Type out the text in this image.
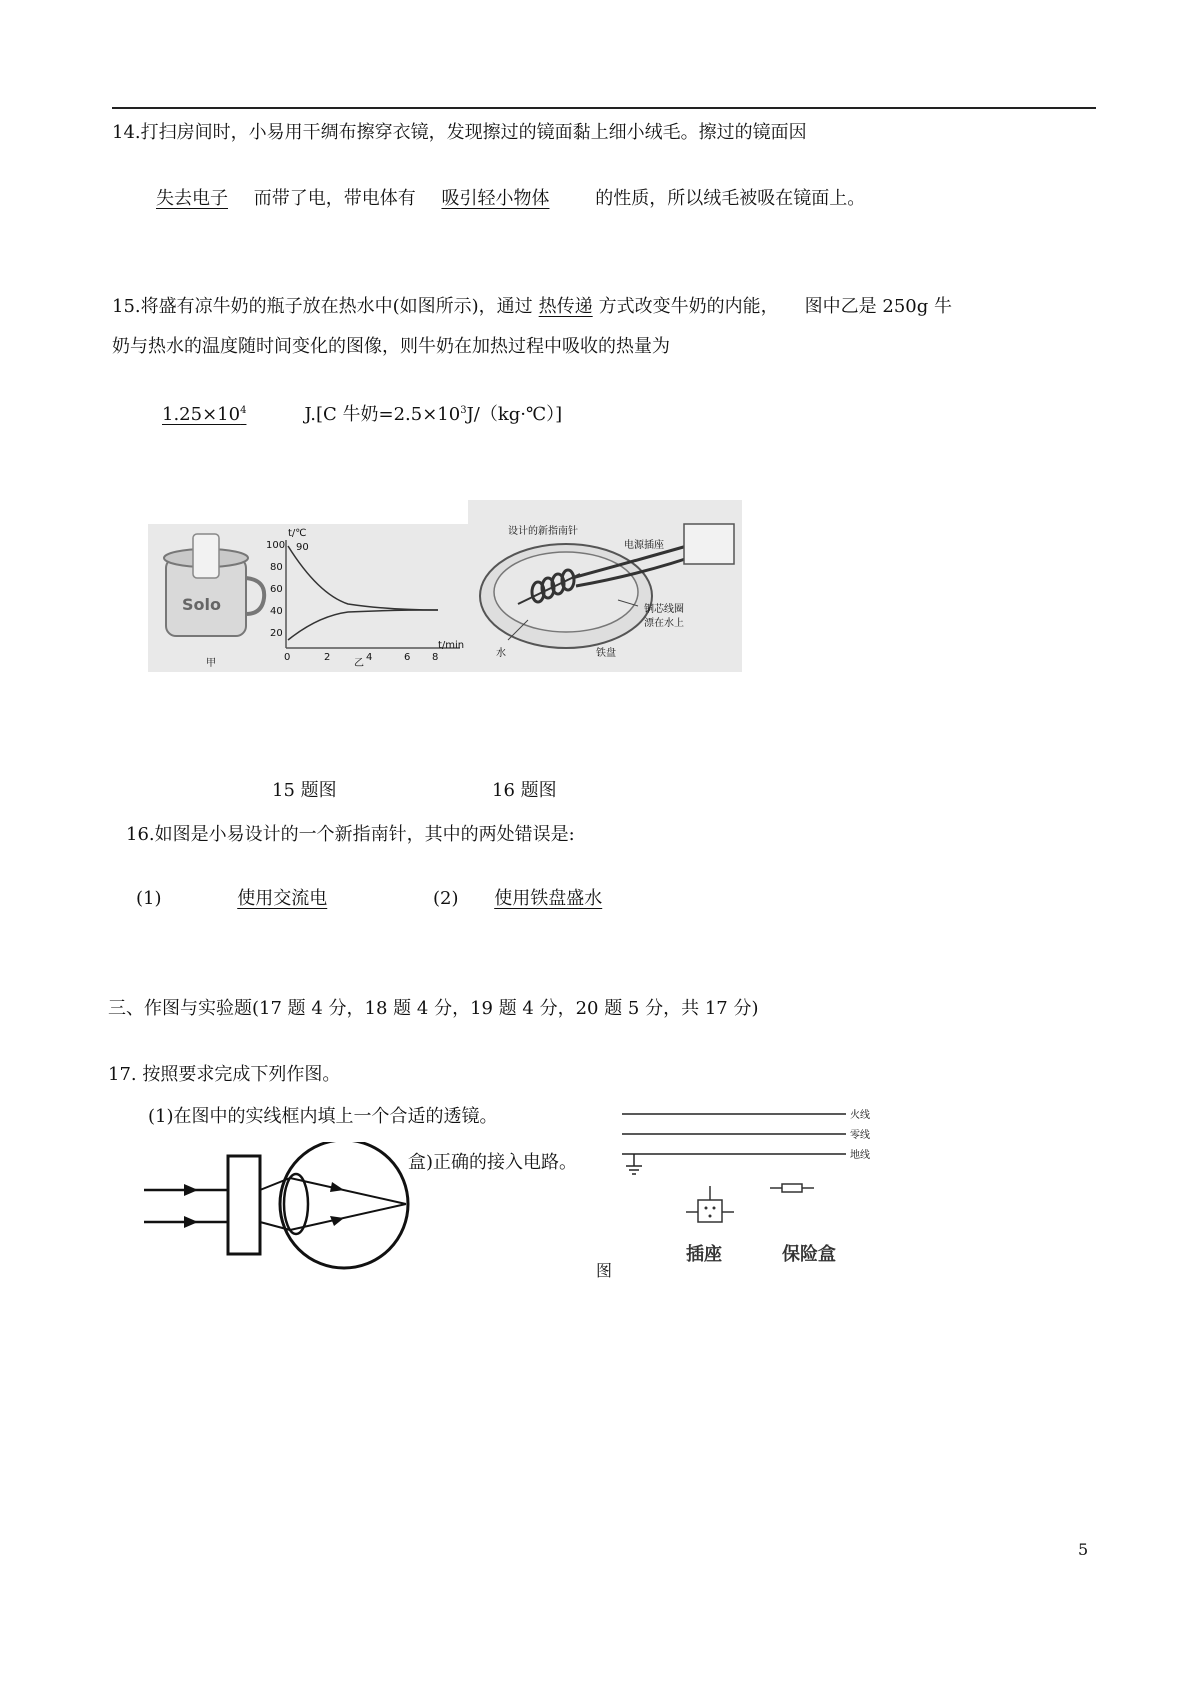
14.打扫房间时，小易用干绸布擦穿衣镜，发现擦过的镜面黏上细小绒毛。擦过的镜面因
失去电子 而带了电，带电体有 吸引轻小物体	的性质，所以绒毛被吸在镜面上。
15.将盛有凉牛奶的瓶子放在热水中(如图所示)，通过 热传递 方式改变牛奶的内能， 图中乙是 250g 牛
奶与热水的温度随时间变化的图像，则牛奶在加热过程中吸收的热量为
$1.25\times 10^4$	J.[C 牛奶$=2.5\times 10^3J/(kg\cdot℃)$]
Solo
甲	乙
t/℃
90
100
80
60
40
20
0	2	4	6 8
t/min
设计的新指南针
电源插座
铜芯线圈
漂在水上
水	铁盘
15 题图	16 题图
16.如图是小易设计的一个新指南针，其中的两处错误是:
(1)	使用交流电	(2) 使用铁盘盛水
三、作图与实验题(17 题 4 分，18 题 4 分，19 题 4 分，20 题 5 分，共 17 分)
17. 按照要求完成下列作图。
(1)在图中的实线框内填上一个合适的透镜。
盒)正确的接入电路。
图
火线
零线
地线
插座	保险盒
5
